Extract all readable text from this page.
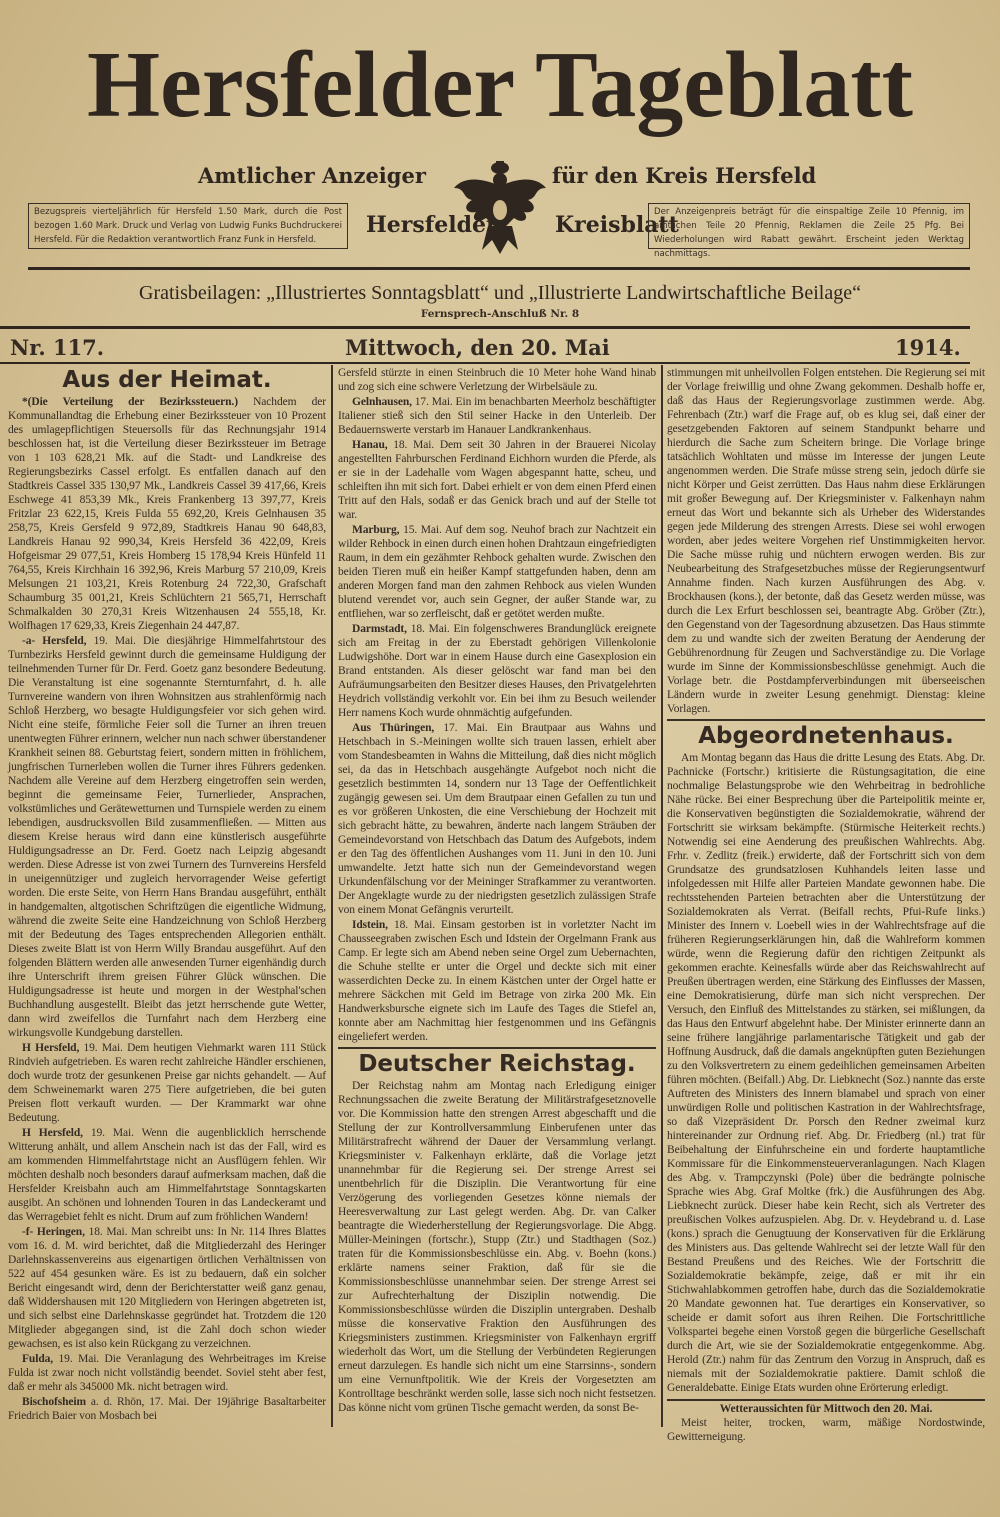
Hersfelder Tageblatt
Amtlicher Anzeiger	für den Kreis Hersfeld
Hersfelder	Kreisblatt
Bezugspreis vierteljährlich für Hersfeld 1.50 Mark, durch die Post bezogen 1.60 Mark. Druck und Verlag von Ludwig Funks Buchdruckerei Hersfeld. Für die Redaktion verantwortlich Franz Funk in Hersfeld.
Der Anzeigenpreis beträgt für die einspaltige Zeile 10 Pfennig, im amtlichen Teile 20 Pfennig, Reklamen die Zeile 25 Pfg. Bei Wiederholungen wird Rabatt gewährt. Erscheint jeden Werktag nachmittags.
Gratisbeilagen: „Illustriertes Sonntagsblatt“ und „Illustrierte Landwirtschaftliche Beilage“
Fernsprech-Anschluß Nr. 8
Nr. 117.	Mittwoch, den 20. Mai	1914.
Aus der Heimat.

*(Die Verteilung der Bezirkssteuern.) Nachdem der Kommunallandtag die Erhebung einer Bezirkssteuer von 10 Prozent des umlagepflichtigen Steuersolls für das Rechnungsjahr 1914 beschlossen hat, ist die Verteilung dieser Bezirkssteuer im Betrage von 1 103 628,21 Mk. auf die Stadt- und Landkreise des Regierungsbezirks Cassel erfolgt. Es entfallen danach auf den Stadtkreis Cassel 335 130,97 Mk., Landkreis Cassel 39 417,66, Kreis Eschwege 41 853,39 Mk., Kreis Frankenberg 13 397,77, Kreis Fritzlar 23 622,15, Kreis Fulda 55 692,20, Kreis Gelnhausen 35 258,75, Kreis Gersfeld 9 972,89, Stadtkreis Hanau 90 648,83, Landkreis Hanau 92 990,34, Kreis Hersfeld 36 422,09, Kreis Hofgeismar 29 077,51, Kreis Homberg 15 178,94 Kreis Hünfeld 11 764,55, Kreis Kirchhain 16 392,96, Kreis Marburg 57 210,09, Kreis Melsungen 21 103,21, Kreis Rotenburg 24 722,30, Grafschaft Schaumburg 35 001,21, Kreis Schlüchtern 21 565,71, Herrschaft Schmalkalden 30 270,31 Kreis Witzenhausen 24 555,18, Kr. Wolfhagen 17 629,33, Kreis Ziegenhain 24 447,87.

-a- Hersfeld, 19. Mai. Die diesjährige Himmelfahrtstour des Turnbezirks Hersfeld gewinnt durch die gemeinsame Huldigung der teilnehmenden Turner für Dr. Ferd. Goetz ganz besondere Bedeutung. Die Veranstaltung ist eine sogenannte Sternturnfahrt, d. h. alle Turnvereine wandern von ihren Wohnsitzen aus strahlenförmig nach Schloß Herzberg, wo besagte Huldigungsfeier vor sich gehen wird. Nicht eine steife, förmliche Feier soll die Turner an ihren treuen unentwegten Führer erinnern, welcher nun nach schwer überstandener Krankheit seinen 88. Geburtstag feiert, sondern mitten in fröhlichem, jungfrischen Turnerleben wollen die Turner ihres Führers gedenken. Nachdem alle Vereine auf dem Herzberg eingetroffen sein werden, beginnt die gemeinsame Feier, Turnerlieder, Ansprachen, volkstümliches und Gerätewetturnen und Turnspiele werden zu einem lebendigen, ausdrucksvollen Bild zusammenfließen. — Mitten aus diesem Kreise heraus wird dann eine künstlerisch ausgeführte Huldigungsadresse an Dr. Ferd. Goetz nach Leipzig abgesandt werden. Diese Adresse ist von zwei Turnern des Turnvereins Hersfeld in uneigennütziger und zugleich hervorragender Weise gefertigt worden. Die erste Seite, von Herrn Hans Brandau ausgeführt, enthält in handgemalten, altgotischen Schriftzügen die eigentliche Widmung, während die zweite Seite eine Handzeichnung von Schloß Herzberg mit der Bedeutung des Tages entsprechenden Allegorien enthält. Dieses zweite Blatt ist von Herrn Willy Brandau ausgeführt. Auf den folgenden Blättern werden alle anwesenden Turner eigenhändig durch ihre Unterschrift ihrem greisen Führer Glück wünschen. Die Huldigungsadresse ist heute und morgen in der Westphal'schen Buchhandlung ausgestellt. Bleibt das jetzt herrschende gute Wetter, dann wird zweifellos die Turnfahrt nach dem Herzberg eine wirkungsvolle Kundgebung darstellen.

H Hersfeld, 19. Mai. Dem heutigen Viehmarkt waren 111 Stück Rindvieh aufgetrieben. Es waren recht zahlreiche Händler erschienen, doch wurde trotz der gesunkenen Preise gar nichts gehandelt. — Auf dem Schweinemarkt waren 275 Tiere aufgetrieben, die bei guten Preisen flott verkauft wurden. — Der Krammarkt war ohne Bedeutung.

H Hersfeld, 19. Mai. Wenn die augenblicklich herrschende Witterung anhält, und allem Anschein nach ist das der Fall, wird es am kommenden Himmelfahrtstage nicht an Ausflügern fehlen. Wir möchten deshalb noch besonders darauf aufmerksam machen, daß die Hersfelder Kreisbahn auch am Himmelfahrtstage Sonntagskarten ausgibt. An schönen und lohnenden Touren in das Landeckeramt und das Werragebiet fehlt es nicht. Drum auf zum fröhlichen Wandern!

-f- Heringen, 18. Mai. Man schreibt uns: In Nr. 114 Ihres Blattes vom 16. d. M. wird berichtet, daß die Mitgliederzahl des Heringer Darlehnskassenvereins aus eigenartigen örtlichen Verhältnissen von 522 auf 454 gesunken wäre. Es ist zu bedauern, daß ein solcher Bericht eingesandt wird, denn der Berichterstatter weiß ganz genau, daß Widdershausen mit 120 Mitgliedern von Heringen abgetreten ist, und sich selbst eine Darlehnskasse gegründet hat. Trotzdem die 120 Mitglieder abgegangen sind, ist die Zahl doch schon wieder gewachsen, es ist also kein Rückgang zu verzeichnen.

Fulda, 19. Mai. Die Veranlagung des Wehrbeitrages im Kreise Fulda ist zwar noch nicht vollständig beendet. Soviel steht aber fest, daß er mehr als 345000 Mk. nicht betragen wird.

Bischofsheim a. d. Rhön, 17. Mai. Der 19jährige Basaltarbeiter Friedrich Baier von Mosbach bei

Gersfeld stürzte in einen Steinbruch die 10 Meter hohe Wand hinab und zog sich eine schwere Verletzung der Wirbelsäule zu.

Gelnhausen, 17. Mai. Ein im benachbarten Meerholz beschäftigter Italiener stieß sich den Stil seiner Hacke in den Unterleib. Der Bedauernswerte verstarb im Hanauer Landkrankenhaus.

Hanau, 18. Mai. Dem seit 30 Jahren in der Brauerei Nicolay angestellten Fahrburschen Ferdinand Eichhorn wurden die Pferde, als er sie in der Ladehalle vom Wagen abgespannt hatte, scheu, und schleiften ihn mit sich fort. Dabei erhielt er von dem einen Pferd einen Tritt auf den Hals, sodaß er das Genick brach und auf der Stelle tot war.

Marburg, 15. Mai. Auf dem sog. Neuhof brach zur Nachtzeit ein wilder Rehbock in einen durch einen hohen Drahtzaun eingefriedigten Raum, in dem ein gezähmter Rehbock gehalten wurde. Zwischen den beiden Tieren muß ein heißer Kampf stattgefunden haben, denn am anderen Morgen fand man den zahmen Rehbock aus vielen Wunden blutend verendet vor, auch sein Gegner, der außer Stande war, zu entfliehen, war so zerfleischt, daß er getötet werden mußte.

Darmstadt, 18. Mai. Ein folgenschweres Brandunglück ereignete sich am Freitag in der zu Eberstadt gehörigen Villenkolonie Ludwigshöhe. Dort war in einem Hause durch eine Gasexplosion ein Brand entstanden. Als dieser gelöscht war fand man bei den Aufräumungsarbeiten den Besitzer dieses Hauses, den Privatgelehrten Heydrich vollständig verkohlt vor. Ein bei ihm zu Besuch weilender Herr namens Koch wurde ohnmächtig aufgefunden.

Aus Thüringen, 17. Mai. Ein Brautpaar aus Wahns und Hetschbach in S.-Meiningen wollte sich trauen lassen, erhielt aber vom Standesbeamten in Wahns die Mitteilung, daß dies nicht möglich sei, da das in Hetschbach ausgehängte Aufgebot noch nicht die gesetzlich bestimmten 14, sondern nur 13 Tage der Oeffentlichkeit zugängig gewesen sei. Um dem Brautpaar einen Gefallen zu tun und es vor größeren Unkosten, die eine Verschiebung der Hochzeit mit sich gebracht hätte, zu bewahren, änderte nach langem Sträuben der Gemeindevorstand von Hetschbach das Datum des Aufgebots, indem er den Tag des öffentlichen Aushanges vom 11. Juni in den 10. Juni umwandelte. Jetzt hatte sich nun der Gemeindevorstand wegen Urkundenfälschung vor der Meininger Strafkammer zu verantworten. Der Angeklagte wurde zu der niedrigsten gesetzlich zulässigen Strafe von einem Monat Gefängnis verurteilt.

Idstein, 18. Mai. Einsam gestorben ist in vorletzter Nacht im Chausseegraben zwischen Esch und Idstein der Orgelmann Frank aus Camp. Er legte sich am Abend neben seine Orgel zum Uebernachten, die Schuhe stellte er unter die Orgel und deckte sich mit einer wasserdichten Decke zu. In einem Kästchen unter der Orgel hatte er mehrere Säckchen mit Geld im Betrage von zirka 200 Mk. Ein Handwerksbursche eignete sich im Laufe des Tages die Stiefel an, konnte aber am Nachmittag hier festgenommen und ins Gefängnis eingeliefert werden.

Deutscher Reichstag.

Der Reichstag nahm am Montag nach Erledigung einiger Rechnungssachen die zweite Beratung der Militärstrafgesetznovelle vor. Die Kommission hatte den strengen Arrest abgeschafft und die Stellung der zur Kontrollversammlung Einberufenen unter das Militärstrafrecht während der Dauer der Versammlung verlangt. Kriegsminister v. Falkenhayn erklärte, daß die Vorlage jetzt unannehmbar für die Regierung sei. Der strenge Arrest sei unentbehrlich für die Disziplin. Die Verantwortung für eine Verzögerung des vorliegenden Gesetzes könne niemals der Heeresverwaltung zur Last gelegt werden. Abg. Dr. van Calker beantragte die Wiederherstellung der Regierungsvorlage. Die Abgg. Müller-Meiningen (fortschr.), Stupp (Ztr.) und Stadthagen (Soz.) traten für die Kommissionsbeschlüsse ein. Abg. v. Boehn (kons.) erklärte namens seiner Fraktion, daß für sie die Kommissionsbeschlüsse unannehmbar seien. Der strenge Arrest sei zur Aufrechterhaltung der Disziplin notwendig. Die Kommissionsbeschlüsse würden die Disziplin untergraben. Deshalb müsse die konservative Fraktion den Ausführungen des Kriegsministers zustimmen. Kriegsminister von Falkenhayn ergriff wiederholt das Wort, um die Stellung der Verbündeten Regierungen erneut darzulegen. Es handle sich nicht um eine Starrsinns-, sondern um eine Vernunftpolitik. Wie der Kreis der Vorgesetzten am Kontrolltage beschränkt werden solle, lasse sich noch nicht festsetzen. Das könne nicht vom grünen Tische gemacht werden, da sonst Be-

stimmungen mit unheilvollen Folgen entstehen. Die Regierung sei mit der Vorlage freiwillig und ohne Zwang gekommen. Deshalb hoffe er, daß das Haus der Regierungsvorlage zustimmen werde. Abg. Fehrenbach (Ztr.) warf die Frage auf, ob es klug sei, daß einer der gesetzgebenden Faktoren auf seinem Standpunkt beharre und hierdurch die Sache zum Scheitern bringe. Die Vorlage bringe tatsächlich Wohltaten und müsse im Interesse der jungen Leute angenommen werden. Die Strafe müsse streng sein, jedoch dürfe sie nicht Körper und Geist zerrütten. Das Haus nahm diese Erklärungen mit großer Bewegung auf. Der Kriegsminister v. Falkenhayn nahm erneut das Wort und bekannte sich als Urheber des Widerstandes gegen jede Milderung des strengen Arrests. Diese sei wohl erwogen worden, aber jedes weitere Vorgehen rief Unstimmigkeiten hervor. Die Sache müsse ruhig und nüchtern erwogen werden. Bis zur Neubearbeitung des Strafgesetzbuches müsse der Regierungsentwurf Annahme finden. Nach kurzen Ausführungen des Abg. v. Brockhausen (kons.), der betonte, daß das Gesetz werden müsse, was durch die Lex Erfurt beschlossen sei, beantragte Abg. Gröber (Ztr.), den Gegenstand von der Tagesordnung abzusetzen. Das Haus stimmte dem zu und wandte sich der zweiten Beratung der Aenderung der Gebührenordnung für Zeugen und Sachverständige zu. Die Vorlage wurde im Sinne der Kommissionsbeschlüsse genehmigt. Auch die Vorlage betr. die Postdampferverbindungen mit überseeischen Ländern wurde in zweiter Lesung genehmigt. Dienstag: kleine Vorlagen.

Abgeordnetenhaus.

Am Montag begann das Haus die dritte Lesung des Etats. Abg. Dr. Pachnicke (Fortschr.) kritisierte die Rüstungsagitation, die eine nochmalige Belastungsprobe wie den Wehrbeitrag in bedrohliche Nähe rücke. Bei einer Besprechung über die Parteipolitik meinte er, die Konservativen begünstigten die Sozialdemokratie, während der Fortschritt sie wirksam bekämpfte. (Stürmische Heiterkeit rechts.) Notwendig sei eine Aenderung des preußischen Wahlrechts. Abg. Frhr. v. Zedlitz (freik.) erwiderte, daß der Fortschritt sich von dem Grundsatze des grundsatzlosen Kuhhandels leiten lasse und infolgedessen mit Hilfe aller Parteien Mandate gewonnen habe. Die rechtsstehenden Parteien betrachten aber die Unterstützung der Sozialdemokraten als Verrat. (Beifall rechts, Pfui-Rufe links.) Minister des Innern v. Loebell wies in der Wahlrechtsfrage auf die früheren Regierungserklärungen hin, daß die Wahlreform kommen würde, wenn die Regierung dafür den richtigen Zeitpunkt als gekommen erachte. Keinesfalls würde aber das Reichswahlrecht auf Preußen übertragen werden, eine Stärkung des Einflusses der Massen, eine Demokratisierung, dürfe man sich nicht versprechen. Der Versuch, den Einfluß des Mittelstandes zu stärken, sei mißlungen, da das Haus den Entwurf abgelehnt habe. Der Minister erinnerte dann an seine frühere langjährige parlamentarische Tätigkeit und gab der Hoffnung Ausdruck, daß die damals angeknüpften guten Beziehungen zu den Volksvertretern zu einem gedeihlichen gemeinsamen Arbeiten führen möchten. (Beifall.) Abg. Dr. Liebknecht (Soz.) nannte das erste Auftreten des Ministers des Innern blamabel und sprach von einer unwürdigen Rolle und politischen Kastration in der Wahlrechtsfrage, so daß Vizepräsident Dr. Porsch den Redner zweimal kurz hintereinander zur Ordnung rief. Abg. Dr. Friedberg (nl.) trat für Beibehaltung der Einfuhrscheine ein und forderte hauptamtliche Kommissare für die Einkommensteuerveranlagungen. Nach Klagen des Abg. v. Trampczynski (Pole) über die bedrängte polnische Sprache wies Abg. Graf Moltke (frk.) die Ausführungen des Abg. Liebknecht zurück. Dieser habe kein Recht, sich als Vertreter des preußischen Volkes aufzuspielen. Abg. Dr. v. Heydebrand u. d. Lase (kons.) sprach die Genugtuung der Konservativen für die Erklärung des Ministers aus. Das geltende Wahlrecht sei der letzte Wall für den Bestand Preußens und des Reiches. Wie der Fortschritt die Sozialdemokratie bekämpfe, zeige, daß er mit ihr ein Stichwahlabkommen getroffen habe, durch das die Sozialdemokratie 20 Mandate gewonnen hat. Tue derartiges ein Konservativer, so scheide er damit sofort aus ihren Reihen. Die Fortschrittliche Volkspartei begehe einen Vorstoß gegen die bürgerliche Gesellschaft durch die Art, wie sie der Sozialdemokratie entgegenkomme. Abg. Herold (Ztr.) nahm für das Zentrum den Vorzug in Anspruch, daß es niemals mit der Sozialdemokratie paktiere. Damit schloß die Generaldebatte. Einige Etats wurden ohne Erörterung erledigt.

Wetteraussichten für Mittwoch den 20. Mai.

Meist heiter, trocken, warm, mäßige Nordostwinde, Gewitterneigung.
